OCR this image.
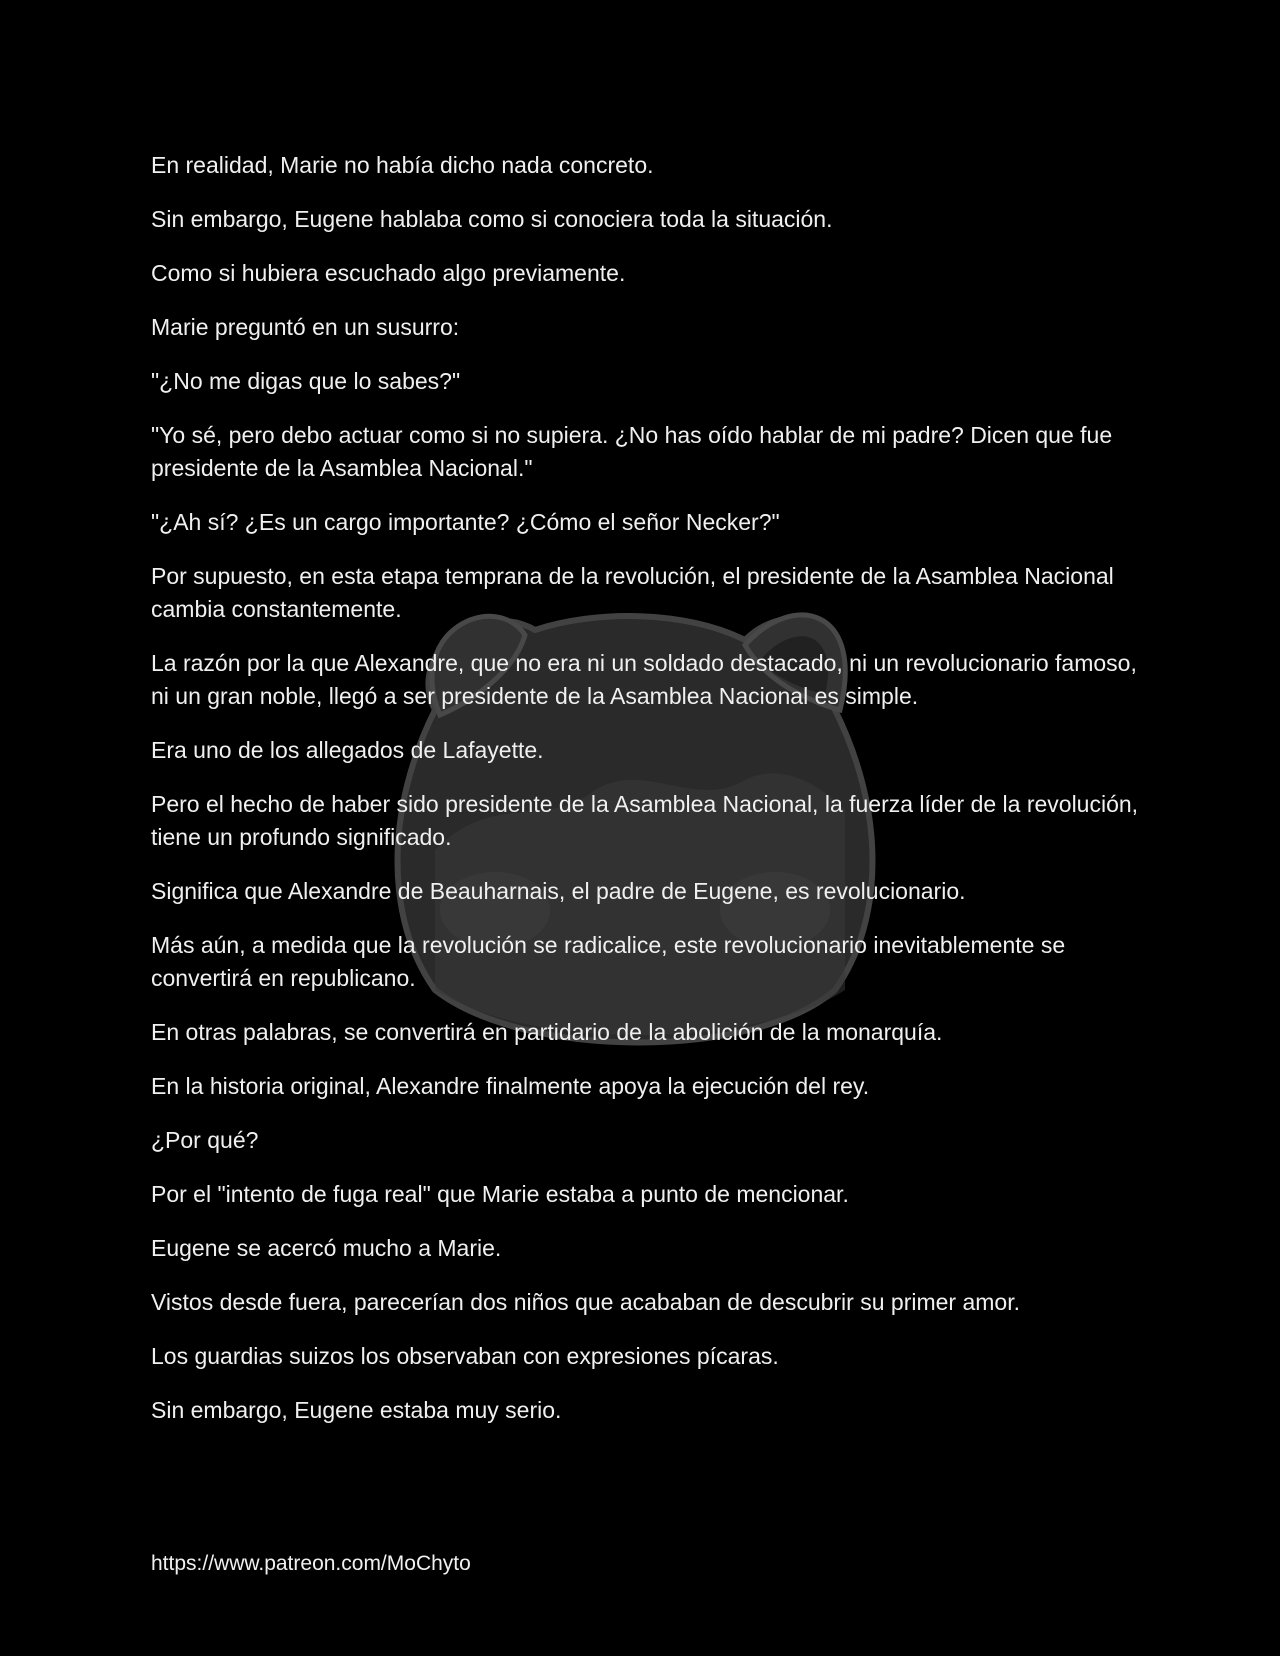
En realidad, Marie no había dicho nada concreto.

Sin embargo, Eugene hablaba como si conociera toda la situación.

Como si hubiera escuchado algo previamente.

Marie preguntó en un susurro:

"¿No me digas que lo sabes?"

"Yo sé, pero debo actuar como si no supiera. ¿No has oído hablar de mi padre? Dicen que fue presidente de la Asamblea Nacional."

"¿Ah sí? ¿Es un cargo importante? ¿Cómo el señor Necker?"

Por supuesto, en esta etapa temprana de la revolución, el presidente de la Asamblea Nacional cambia constantemente.

La razón por la que Alexandre, que no era ni un soldado destacado, ni un revolucionario famoso, ni un gran noble, llegó a ser presidente de la Asamblea Nacional es simple.

Era uno de los allegados de Lafayette.

Pero el hecho de haber sido presidente de la Asamblea Nacional, la fuerza líder de la revolución, tiene un profundo significado.

Significa que Alexandre de Beauharnais, el padre de Eugene, es revolucionario.

Más aún, a medida que la revolución se radicalice, este revolucionario inevitablemente se convertirá en republicano.

En otras palabras, se convertirá en partidario de la abolición de la monarquía.

En la historia original, Alexandre finalmente apoya la ejecución del rey.

¿Por qué?

Por el "intento de fuga real" que Marie estaba a punto de mencionar.

Eugene se acercó mucho a Marie.

Vistos desde fuera, parecerían dos niños que acababan de descubrir su primer amor.

Los guardias suizos los observaban con expresiones pícaras.

Sin embargo, Eugene estaba muy serio.

https://www.patreon.com/MoChyto
